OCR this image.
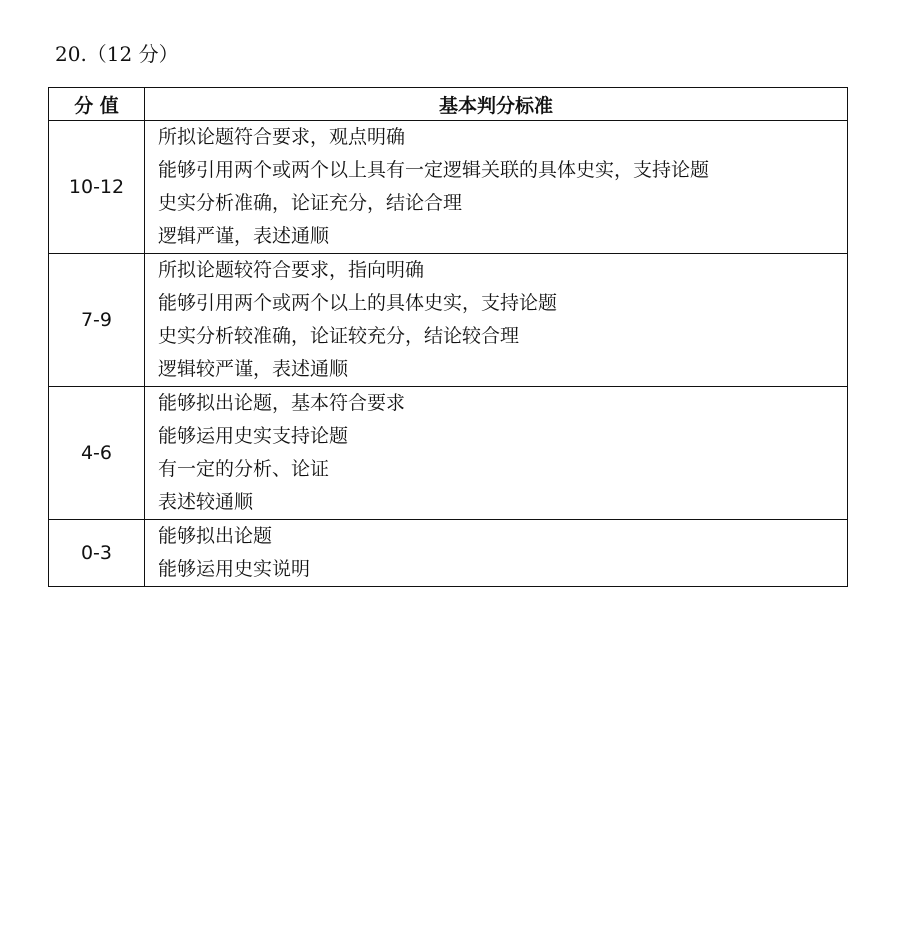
20.（12 分）
分 值	基本判分标准
10-12	所拟论题符合要求，观点明确
能够引用两个或两个以上具有一定逻辑关联的具体史实，支持论题
史实分析准确，论证充分，结论合理
逻辑严谨，表述通顺

7-9	所拟论题较符合要求，指向明确
能够引用两个或两个以上的具体史实，支持论题
史实分析较准确，论证较充分，结论较合理
逻辑较严谨，表述通顺

4-6	能够拟出论题，基本符合要求
能够运用史实支持论题
有一定的分析、论证
表述较通顺

0-3	能够拟出论题
能够运用史实说明
